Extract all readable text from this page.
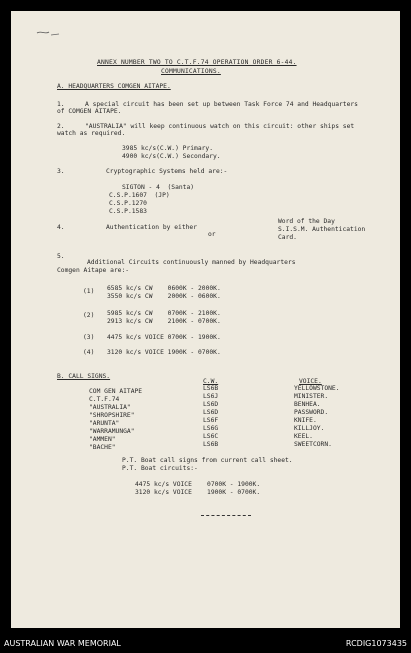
ANNEX NUMBER TWO TO C.T.F.74 OPERATION ORDER 6-44.
COMMUNICATIONS.
A. HEADQUARTERS COMGEN AITAPE.
1.	A special circuit has been set up between Task Force 74 and Headquarters of COMGEN AITAPE.
2.	"AUSTRALIA" will keep continuous watch on this circuit: other ships set watch as required.
3985 kc/s(C.W.) Primary.
4900 kc/s(C.W.) Secondary.
3.	Cryptographic Systems held are:-
SIGTON - 4  (Santa)
C.S.P.1607  (JP)
C.S.P.1270
C.S.P.1583
4.	Authentication by either
or
Word of the Day
S.I.S.M. Authentication
Card.
5.
Additional Circuits continuously manned by Headquarters
Comgen Aitape are:-
(1) 6585 kc/s CW    0600K - 2000K.
3550 kc/s CW    2000K - 0600K.
(2) 5985 kc/s CW    0700K - 2100K.
2913 kc/s CW    2100K - 0700K.
(3) 4475 kc/s VOICE 0700K - 1900K.
(4) 3120 kc/s VOICE 1900K - 0700K.
B. CALL SIGNS.
C.W.	VOICE.
COM GEN AITAPE	LS6B	YELLOWSTONE.
C.T.F.74	LS6J	MINISTER.
"AUSTRALIA"	LS6D	BENHEA.
"SHROPSHIRE"	LS6D	PASSWORD.
"ARUNTA"	LS6F	KNIFE.
"WARRAMUNGA"	LS6G	KILLJOY.
"AMMEN"	LS6C	KEEL.
"BACHE"	LS6B	SWEETCORN.
P.T. Boat call signs from current call sheet.
P.T. Boat circuits:-
4475 kc/s VOICE    0700K - 1900K.
3120 kc/s VOICE    1900K - 0700K.
AUSTRALIAN WAR MEMORIAL	RCDIG1073435
